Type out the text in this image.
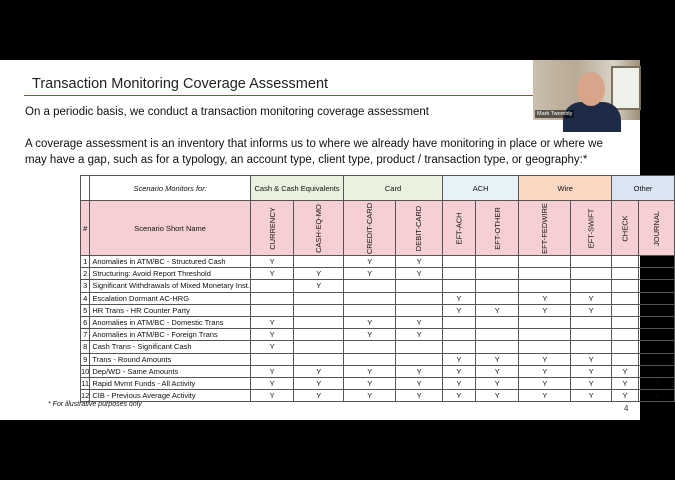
Transaction Monitoring Coverage Assessment
On a periodic basis, we conduct a transaction monitoring coverage assessment
A coverage assessment is an inventory that informs us to where we already have monitoring in place or where we may have a gap, such as for a typology, an account type, client type, product / transaction type, or geography:*
	Scenario Monitors for:	Cash & Cash Equivalents		Card		ACH		Wire		Other	
#	Scenario Short Name	CURRENCY	CASH-EQ-MO	CREDIT-CARD	DEBIT-CARD	EFT-ACH	EFT-OTHER	EFT-FEDWIRE	EFT-SWIFT	CHECK	JOURNAL
1	Anomalies in ATM/BC - Structured Cash	Y		Y	Y						
2	Structuring: Avoid Report Threshold	Y	Y	Y	Y						
3	Significant Withdrawals of Mixed Monetary Inst.		Y								
4	Escalation Dormant AC-HRG					Y		Y	Y		
5	HR Trans - HR Counter Party					Y	Y	Y	Y		
6	Anomalies in ATM/BC - Domestic Trans	Y		Y	Y						
7	Anomalies in ATM/BC - Foreign Trans	Y		Y	Y						
8	Cash Trans - Significant Cash	Y									
9	Trans - Round Amounts					Y	Y	Y	Y		
10	Dep/WD - Same Amounts	Y	Y	Y	Y	Y	Y	Y	Y	Y	
11	Rapid Mvmt Funds - All Activity	Y	Y	Y	Y	Y	Y	Y	Y	Y	Y
12	CIB - Previous Average Activity	Y	Y	Y	Y	Y	Y	Y	Y	Y	Y
* For illustrative purposes only	4
Mark Twombly
